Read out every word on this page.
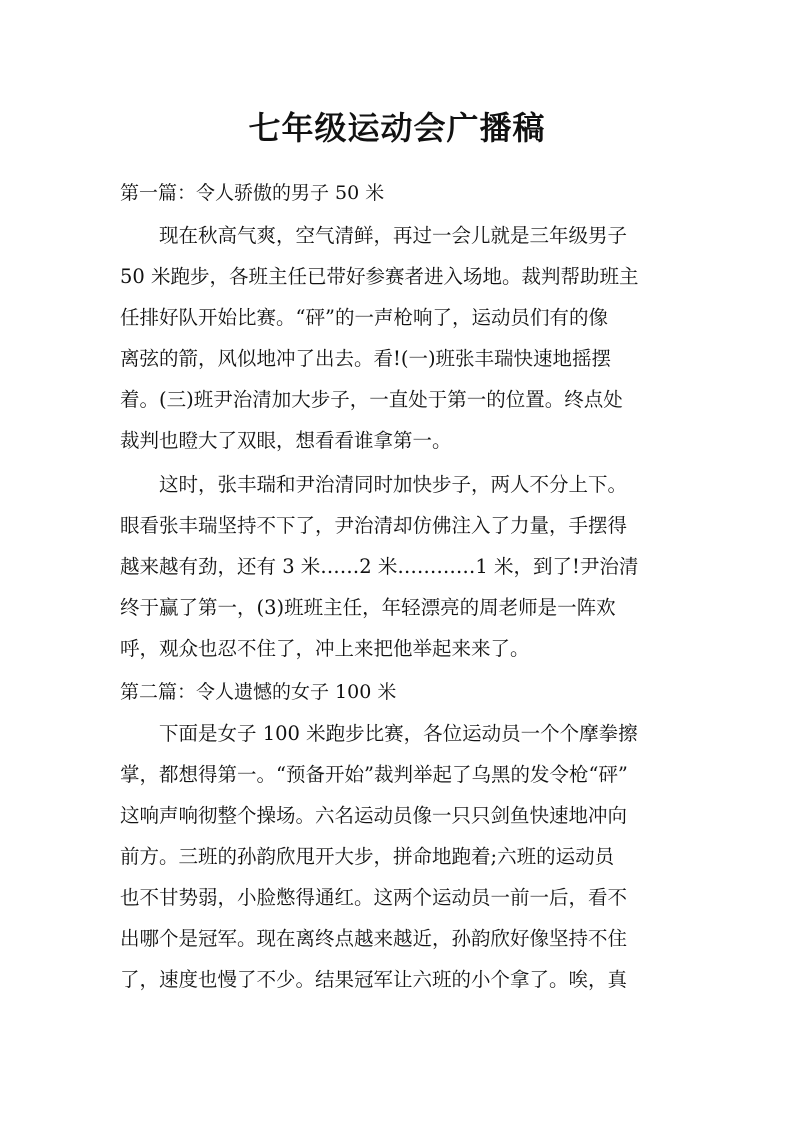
七年级运动会广播稿
第一篇：令人骄傲的男子 50 米
现在秋高气爽，空气清鲜，再过一会儿就是三年级男子
50 米跑步，各班主任已带好参赛者进入场地。裁判帮助班主
任排好队开始比赛。“砰”的一声枪响了，运动员们有的像
离弦的箭，风似地冲了出去。看!(一)班张丰瑞快速地摇摆
着。(三)班尹治清加大步子，一直处于第一的位置。终点处
裁判也瞪大了双眼，想看看谁拿第一。
这时，张丰瑞和尹治清同时加快步子，两人不分上下。
眼看张丰瑞坚持不下了，尹治清却仿佛注入了力量，手摆得
越来越有劲，还有 3 米……2 米…………1 米，到了!尹治清
终于赢了第一，(3)班班主任，年轻漂亮的周老师是一阵欢
呼，观众也忍不住了，冲上来把他举起来来了。
第二篇：令人遗憾的女子 100 米
下面是女子 100 米跑步比赛，各位运动员一个个摩拳擦
掌，都想得第一。“预备开始”裁判举起了乌黑的发令枪“砰”
这响声响彻整个操场。六名运动员像一只只剑鱼快速地冲向
前方。三班的孙韵欣甩开大步，拼命地跑着;六班的运动员
也不甘势弱，小脸憋得通红。这两个运动员一前一后，看不
出哪个是冠军。现在离终点越来越近，孙韵欣好像坚持不住
了，速度也慢了不少。结果冠军让六班的小个拿了。唉，真
